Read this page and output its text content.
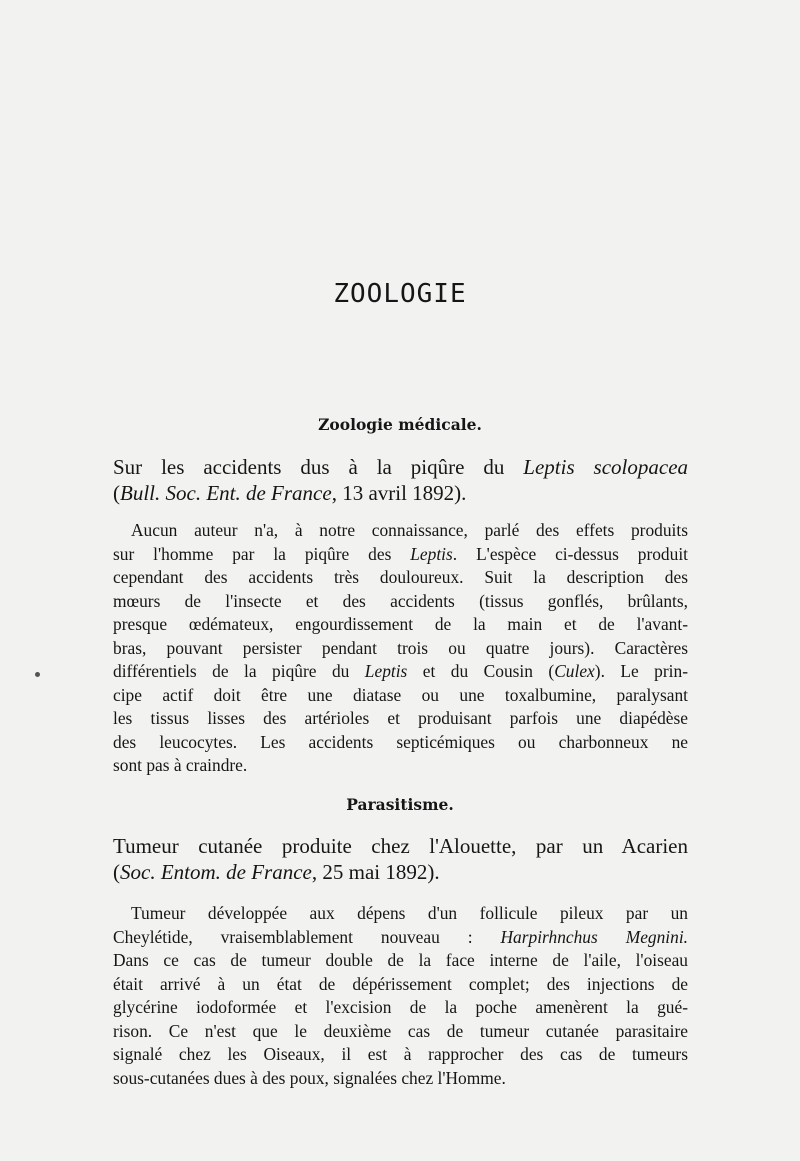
ZOOLOGIE
Zoologie médicale.
Sur les accidents dus à la piqûre du Leptis scolopacea
(Bull. Soc. Ent. de France, 13 avril 1892).
Aucun auteur n'a, à notre connaissance, parlé des effets produits
sur l'homme par la piqûre des Leptis. L'espèce ci-dessus produit
cependant des accidents très douloureux. Suit la description des
mœurs de l'insecte et des accidents (tissus gonflés, brûlants,
presque œdémateux, engourdissement de la main et de l'avant-
bras, pouvant persister pendant trois ou quatre jours). Caractères
différentiels de la piqûre du Leptis et du Cousin (Culex). Le prin-
cipe actif doit être une diatase ou une toxalbumine, paralysant
les tissus lisses des artérioles et produisant parfois une diapédèse
des leucocytes. Les accidents septicémiques ou charbonneux ne
sont pas à craindre.
Parasitisme.
Tumeur cutanée produite chez l'Alouette, par un Acarien
(Soc. Entom. de France, 25 mai 1892).
Tumeur développée aux dépens d'un follicule pileux par un
Cheylétide, vraisemblablement nouveau : Harpirhnchus Megnini.
Dans ce cas de tumeur double de la face interne de l'aile, l'oiseau
était arrivé à un état de dépérissement complet; des injections de
glycérine iodoformée et l'excision de la poche amenèrent la gué-
rison. Ce n'est que le deuxième cas de tumeur cutanée parasitaire
signalé chez les Oiseaux, il est à rapprocher des cas de tumeurs
sous-cutanées dues à des poux, signalées chez l'Homme.
